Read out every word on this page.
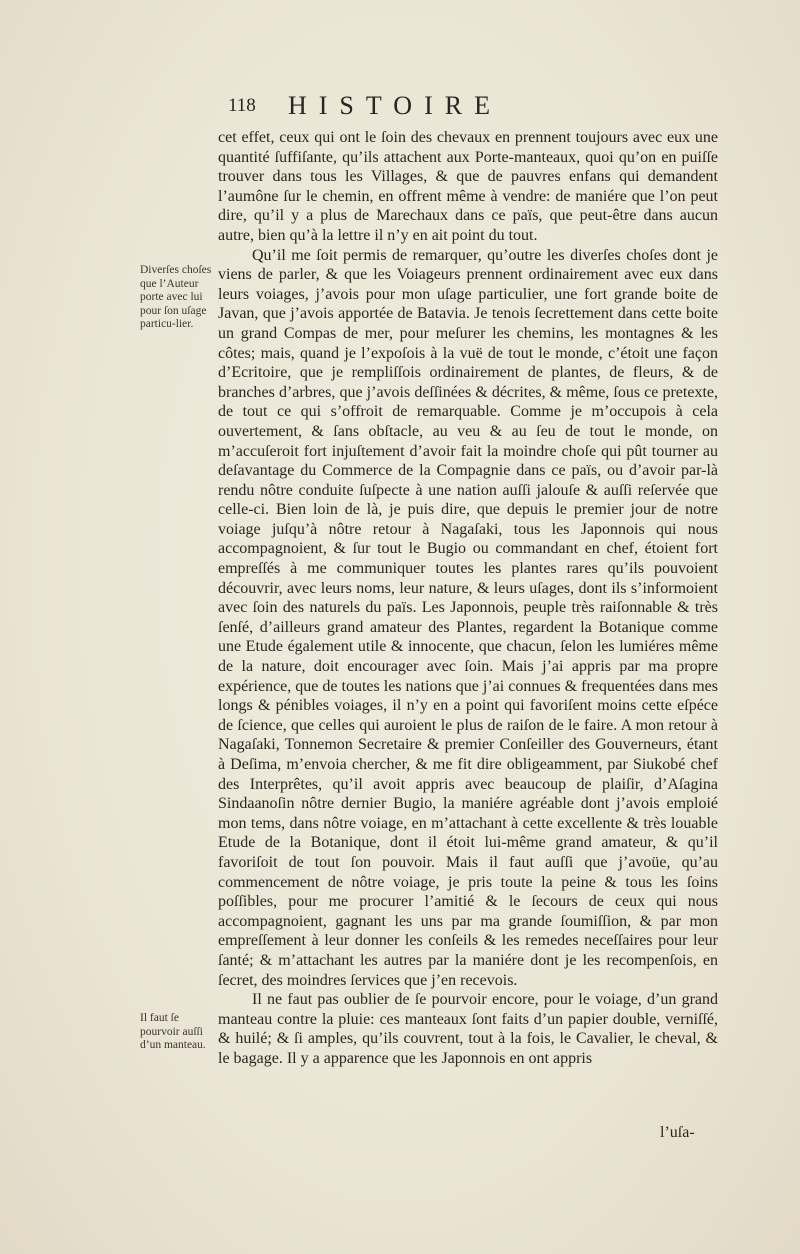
118 HISTOIRE
Diverſes choſes que l’Auteur porte avec lui pour ſon uſage particu-lier.
Il faut ſe pourvoir auſſi d’un manteau.

cet effet, ceux qui ont le ſoin des chevaux en prennent toujours avec eux une quantité ſuffiſante, qu’ils attachent aux Porte-manteaux, quoi qu’on en puiſſe trouver dans tous les Villages, & que de pauvres enfans qui demandent l’aumône ſur le chemin, en offrent même à vendre: de maniére que l’on peut dire, qu’il y a plus de Marechaux dans ce païs, que peut-être dans aucun autre, bien qu’à la lettre il n’y en ait point du tout.

Qu’il me ſoit permis de remarquer, qu’outre les diverſes choſes dont je viens de parler, & que les Voiageurs prennent ordinairement avec eux dans leurs voiages, j’avois pour mon uſage particulier, une fort grande boite de Javan, que j’avois apportée de Batavia. Je tenois ſecrettement dans cette boite un grand Compas de mer, pour meſurer les chemins, les montagnes & les côtes; mais, quand je l’expoſois à la vuë de tout le monde, c’étoit une façon d’Ecritoire, que je rempliſſois ordinairement de plantes, de fleurs, & de branches d’arbres, que j’avois deſſinées & décrites, & même, ſous ce pretexte, de tout ce qui s’offroit de remarquable. Comme je m’occupois à cela ouvertement, & ſans obſtacle, au veu & au ſeu de tout le monde, on m’accuſeroit fort injuſtement d’avoir fait la moindre choſe qui pût tourner au deſavantage du Commerce de la Compagnie dans ce païs, ou d’avoir par-là rendu nôtre conduite ſuſpecte à une nation auſſi jalouſe & auſſi reſervée que celle-ci. Bien loin de là, je puis dire, que depuis le premier jour de notre voiage juſqu’à nôtre retour à Nagaſaki, tous les Japonnois qui nous accompagnoient, & ſur tout le Bugio ou commandant en chef, étoient fort empreſſés à me communiquer toutes les plantes rares qu’ils pouvoient découvrir, avec leurs noms, leur nature, & leurs uſages, dont ils s’informoient avec ſoin des naturels du païs. Les Japonnois, peuple très raiſonnable & très ſenſé, d’ailleurs grand amateur des Plantes, regardent la Botanique comme une Etude également utile & innocente, que chacun, ſelon les lumiéres même de la nature, doit encourager avec ſoin. Mais j’ai appris par ma propre expérience, que de toutes les nations que j’ai connues & frequentées dans mes longs & pénibles voiages, il n’y en a point qui favoriſent moins cette eſpéce de ſcience, que celles qui auroient le plus de raiſon de le faire. A mon retour à Nagaſaki, Tonnemon Secretaire & premier Conſeiller des Gouverneurs, étant à Deſima, m’envoia chercher, & me fit dire obligeamment, par Siukobé chef des Interprêtes, qu’il avoit appris avec beaucoup de plaiſir, d’Aſagina Sindaanoſin nôtre dernier Bugio, la maniére agréable dont j’avois emploié mon tems, dans nôtre voiage, en m’attachant à cette excellente & très louable Etude de la Botanique, dont il étoit lui-même grand amateur, & qu’il favoriſoit de tout ſon pouvoir. Mais il faut auſſi que j’avoüe, qu’au commencement de nôtre voiage, je pris toute la peine & tous les ſoins poſſibles, pour me procurer l’amitié & le ſecours de ceux qui nous accompagnoient, gagnant les uns par ma grande ſoumiſſion, & par mon empreſſement à leur donner les conſeils & les remedes neceſſaires pour leur ſanté; & m’attachant les autres par la maniére dont je les recompenſois, en ſecret, des moindres ſervices que j’en recevois.

Il ne faut pas oublier de ſe pourvoir encore, pour le voiage, d’un grand manteau contre la pluie: ces manteaux ſont faits d’un papier double, verniſſé, & huilé; & ſi amples, qu’ils couvrent, tout à la fois, le Cavalier, le cheval, & le bagage. Il y a apparence que les Japonnois en ont appris

l’uſa-
